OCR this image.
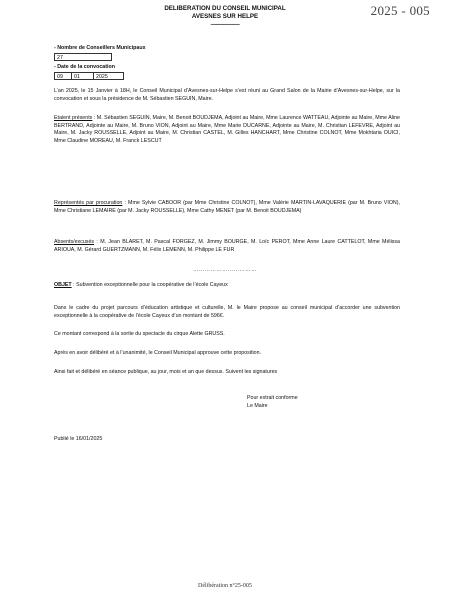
2025 - 005
DELIBERATION DU CONSEIL MUNICIPAL
AVESNES SUR HELPE
—————
- Nombre de Conseillers Municipaux
27
- Date de la convocation
09	01	2025
L’an 2025, le 15 Janvier à 18H, le Conseil Municipal d’Avesnes-sur-Helpe s’est réuni au Grand Salon de la Mairie d’Avesnes-sur-Helpe, sur la convocation et sous la présidence de M. Sébastien SEGUIN, Maire.
Etaient présents : M. Sébastien SEGUIN, Maire, M. Benoit BOUDJEMA, Adjoint au Maire, Mme Laurence WATTEAU, Adjointe au Maire, Mme Aline BERTRAND, Adjointe au Maire, M. Bruno VION, Adjoint au Maire, Mme Marie DUCARNE, Adjointe au Maire, M. Christian LEFEVRE, Adjoint au Maire, M. Jacky ROUSSELLE, Adjoint au Maire, M. Christian CASTEL, M. Gilles HANCHART, Mme Christine COLNOT, Mme Mokhtaria OUICI, Mme Claudine MOREAU, M. Franck LESCUT
Représentés par procuration : Mme Sylvie CABOOR (par Mme Christine COLNOT), Mme Valérie MARTIN-LAVAQUERIE (par M. Bruno VION), Mme Christiane LEMAIRE (par M. Jacky ROUSSELLE), Mme Cathy MENET (par M. Benoit BOUDJEMA)
Absents/excusés : M. Jean BLARET, M. Pascal FORGEZ, M. Jimmy BOURGE, M. Loïc PEROT, Mme Anne Laure CATTELOT, Mme Mélissa ARIOUA, M. Gérard GUERTZMANN, M. Félix LEMENN, M. Philippe LE FUR
……………………………
OBJET : Subvention exceptionnelle pour la coopérative de l’école Cayeux
Dans le cadre du projet parcours d’éducation artistique et culturelle, M. le Maire propose au conseil municipal d’accorder une subvention exceptionnelle à la coopérative de l’école Cayeux d’un montant de 596€.
Ce montant correspond à la sortie du spectacle du cirque Alette GRUSS.
Après en avoir délibéré et à l’unanimité, le Conseil Municipal approuve cette proposition.
Ainsi fait et délibéré en séance publique, au jour, mois et an que dessus. Suivent les signatures
Pour extrait conforme
Le Maire
Publié le 16/01/2025
Délibération n°25-005
